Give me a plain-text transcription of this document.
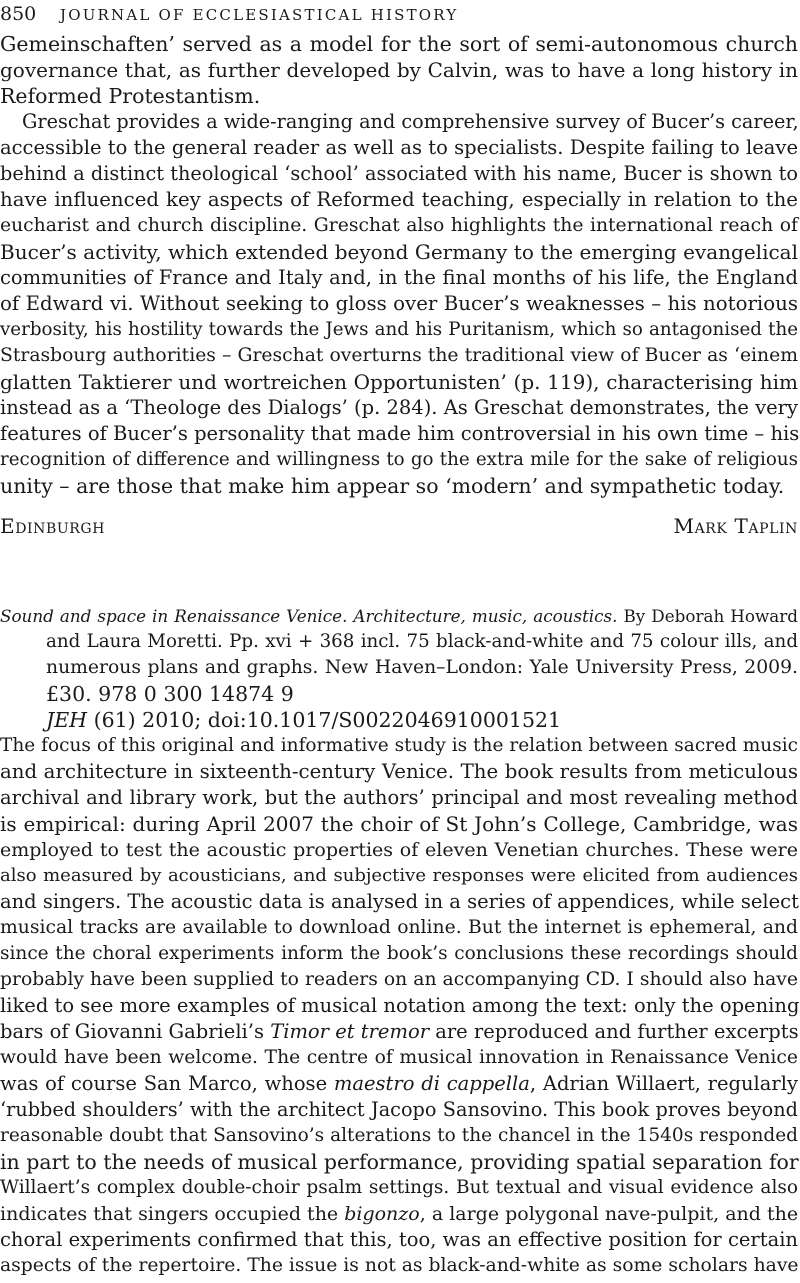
850 JOURNAL OF ECCLESIASTICAL HISTORY
Gemeinschaften’ served as a model for the sort of semi-autonomous church
governance that, as further developed by Calvin, was to have a long history in
Reformed Protestantism.
Greschat provides a wide-ranging and comprehensive survey of Bucer’s career,
accessible to the general reader as well as to specialists. Despite failing to leave
behind a distinct theological ‘school’ associated with his name, Bucer is shown to
have influenced key aspects of Reformed teaching, especially in relation to the
eucharist and church discipline. Greschat also highlights the international reach of
Bucer’s activity, which extended beyond Germany to the emerging evangelical
communities of France and Italy and, in the final months of his life, the England
of Edward vi. Without seeking to gloss over Bucer’s weaknesses – his notorious
verbosity, his hostility towards the Jews and his Puritanism, which so antagonised the
Strasbourg authorities – Greschat overturns the traditional view of Bucer as ‘einem
glatten Taktierer und wortreichen Opportunisten’ (p. 119), characterising him
instead as a ‘Theologe des Dialogs’ (p. 284). As Greschat demonstrates, the very
features of Bucer’s personality that made him controversial in his own time – his
recognition of difference and willingness to go the extra mile for the sake of religious
unity – are those that make him appear so ‘modern’ and sympathetic today.
Edinburgh	Mark Taplin
Sound and space in Renaissance Venice. Architecture, music, acoustics. By Deborah Howard
and Laura Moretti. Pp. xvi + 368 incl. 75 black-and-white and 75 colour ills, and
numerous plans and graphs. New Haven–London: Yale University Press, 2009.
£30. 978 0 300 14874 9
JEH (61) 2010; doi:10.1017/S0022046910001521
The focus of this original and informative study is the relation between sacred music
and architecture in sixteenth-century Venice. The book results from meticulous
archival and library work, but the authors’ principal and most revealing method
is empirical: during April 2007 the choir of St John’s College, Cambridge, was
employed to test the acoustic properties of eleven Venetian churches. These were
also measured by acousticians, and subjective responses were elicited from audiences
and singers. The acoustic data is analysed in a series of appendices, while select
musical tracks are available to download online. But the internet is ephemeral, and
since the choral experiments inform the book’s conclusions these recordings should
probably have been supplied to readers on an accompanying CD. I should also have
liked to see more examples of musical notation among the text: only the opening
bars of Giovanni Gabrieli’s Timor et tremor are reproduced and further excerpts
would have been welcome. The centre of musical innovation in Renaissance Venice
was of course San Marco, whose maestro di cappella, Adrian Willaert, regularly
‘rubbed shoulders’ with the architect Jacopo Sansovino. This book proves beyond
reasonable doubt that Sansovino’s alterations to the chancel in the 1540s responded
in part to the needs of musical performance, providing spatial separation for
Willaert’s complex double-choir psalm settings. But textual and visual evidence also
indicates that singers occupied the bigonzo, a large polygonal nave-pulpit, and the
choral experiments confirmed that this, too, was an effective position for certain
aspects of the repertoire. The issue is not as black-and-white as some scholars have
